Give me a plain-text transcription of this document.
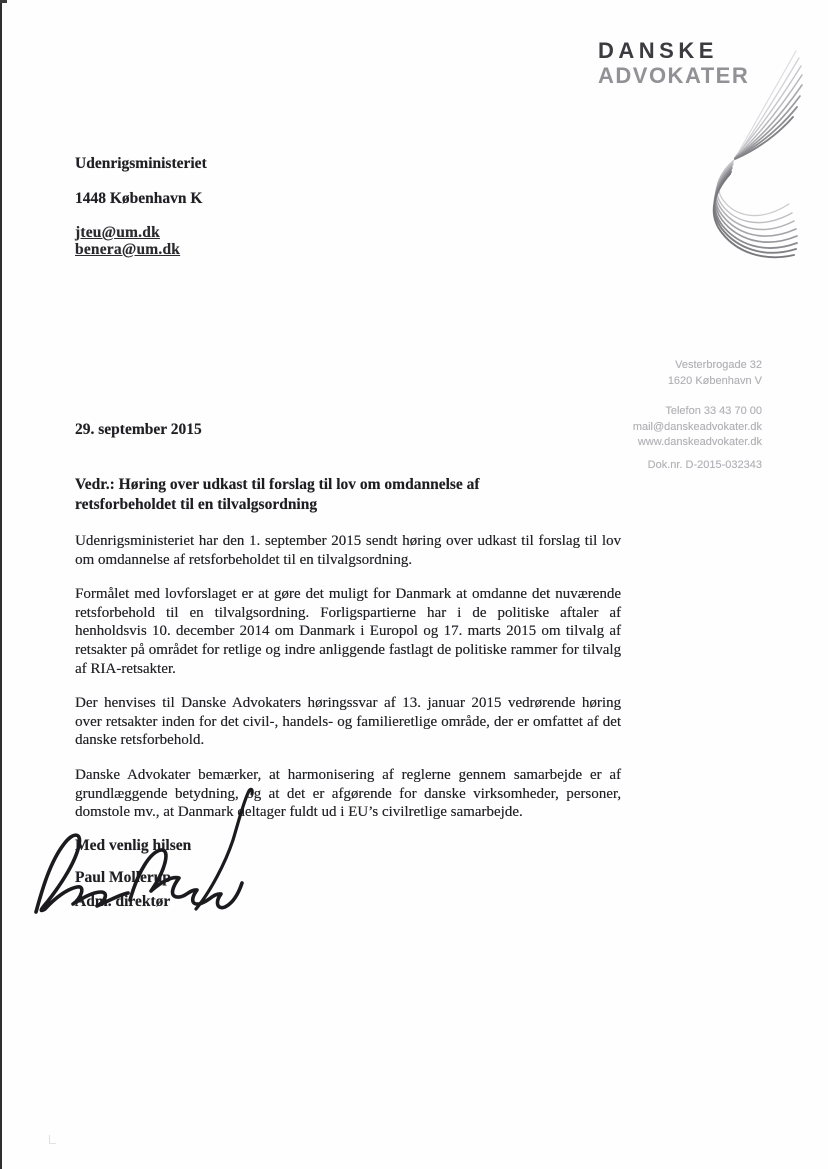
DANSKE
ADVOKATER
Udenrigsministeriet
1448 København K
jteu@um.dk
benera@um.dk
Vesterbrogade 32
1620 København V
Telefon 33 43 70 00
mail@danskeadvokater.dk
www.danskeadvokater.dk
Dok.nr. D-2015-032343
29. september 2015
Vedr.: Høring over udkast til forslag til lov om omdannelse af retsforbeholdet til en tilvalgsordning

Udenrigsministeriet har den 1. september 2015 sendt høring over udkast til forslag til lov om omdannelse af retsforbeholdet til en tilvalgsordning.

Formålet med lovforslaget er at gøre det muligt for Danmark at omdanne det nuværende retsforbehold til en tilvalgsordning. Forligspartierne har i de politiske aftaler af henholdsvis 10. december 2014 om Danmark i Europol og 17. marts 2015 om tilvalg af retsakter på området for retlige og indre anliggende fastlagt de politiske rammer for tilvalg af RIA-retsakter.

Der henvises til Danske Advokaters høringssvar af 13. januar 2015 vedrørende høring over retsakter inden for det civil-, handels- og familieretlige område, der er omfattet af det danske retsforbehold.

Danske Advokater bemærker, at harmonisering af reglerne gennem samarbejde er af grundlæggende betydning, og at det er afgørende for danske virksomheder, personer, domstole mv., at Danmark deltager fuldt ud i EU’s civilretlige samarbejde.

Med venlig hilsen
Paul Mollerup
Adm. direktør
